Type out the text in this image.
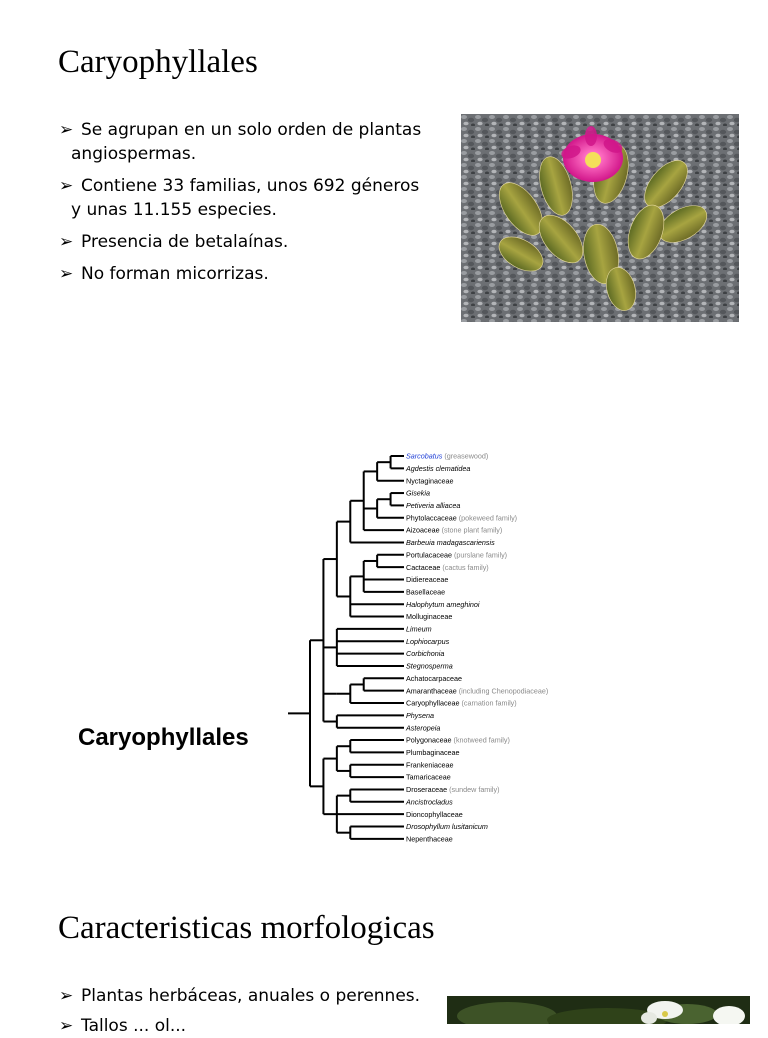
Caryophyllales
➢ Se agrupan en un solo orden de plantas
angiospermas.
➢ Contiene 33 familias, unos 692 géneros
y unas 11.155 especies.
➢ Presencia de betalaínas.
➢ No forman micorrizas.
Caryophyllales
Sarcobatus (greasewood)
Agdestis clematidea
Nyctaginaceae
Gisekia
Petiveria alliacea
Phytolaccaceae (pokeweed family)
Aizoaceae (stone plant family)
Barbeuia madagascariensis
Portulacaceae (purslane family)
Cactaceae (cactus family)
Didiereaceae
Basellaceae
Halophytum ameghinoi
Molluginaceae
Limeum
Lophiocarpus
Corbichonia
Stegnosperma
Achatocarpaceae
Amaranthaceae (including Chenopodiaceae)
Caryophyllaceae (carnation family)
Physena
Asteropeia
Polygonaceae (knotweed family)
Plumbaginaceae
Frankeniaceae
Tamaricaceae
Droseraceae (sundew family)
Ancistrocladus
Dioncophyllaceae
Drosophyllum lusitanicum
Nepenthaceae
Caracteristicas morfologicas
➢ Plantas herbáceas, anuales o perennes.
➢ Tallos ... ol...
